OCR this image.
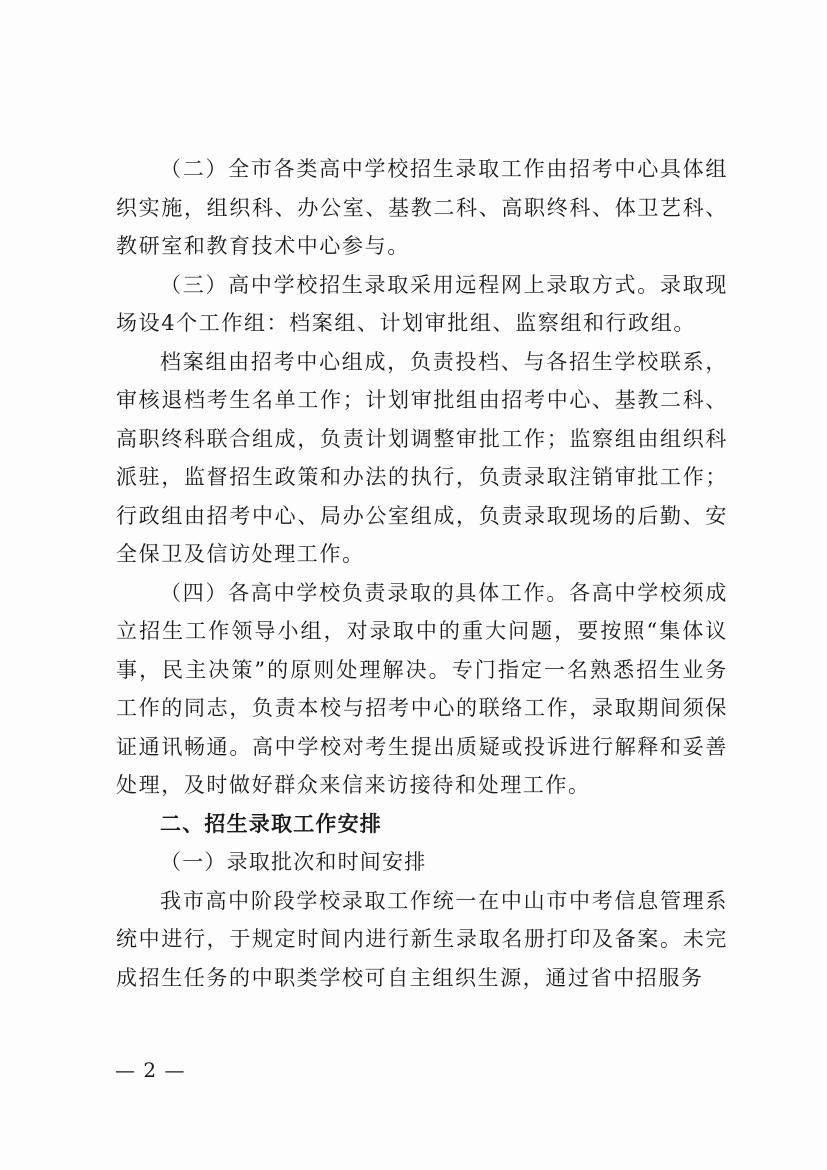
（二）全市各类高中学校招生录取工作由招考中心具体组织实施，组织科、办公室、基教二科、高职终科、体卫艺科、教研室和教育技术中心参与。

（三）高中学校招生录取采用远程网上录取方式。录取现场设4个工作组：档案组、计划审批组、监察组和行政组。

档案组由招考中心组成，负责投档、与各招生学校联系，审核退档考生名单工作；计划审批组由招考中心、基教二科、高职终科联合组成，负责计划调整审批工作；监察组由组织科派驻，监督招生政策和办法的执行，负责录取注销审批工作；行政组由招考中心、局办公室组成，负责录取现场的后勤、安全保卫及信访处理工作。

（四）各高中学校负责录取的具体工作。各高中学校须成立招生工作领导小组，对录取中的重大问题，要按照“集体议事，民主决策”的原则处理解决。专门指定一名熟悉招生业务工作的同志，负责本校与招考中心的联络工作，录取期间须保证通讯畅通。高中学校对考生提出质疑或投诉进行解释和妥善处理，及时做好群众来信来访接待和处理工作。

二、招生录取工作安排

（一）录取批次和时间安排

我市高中阶段学校录取工作统一在中山市中考信息管理系统中进行，于规定时间内进行新生录取名册打印及备案。未完成招生任务的中职类学校可自主组织生源，通过省中招服务

— 2 —
